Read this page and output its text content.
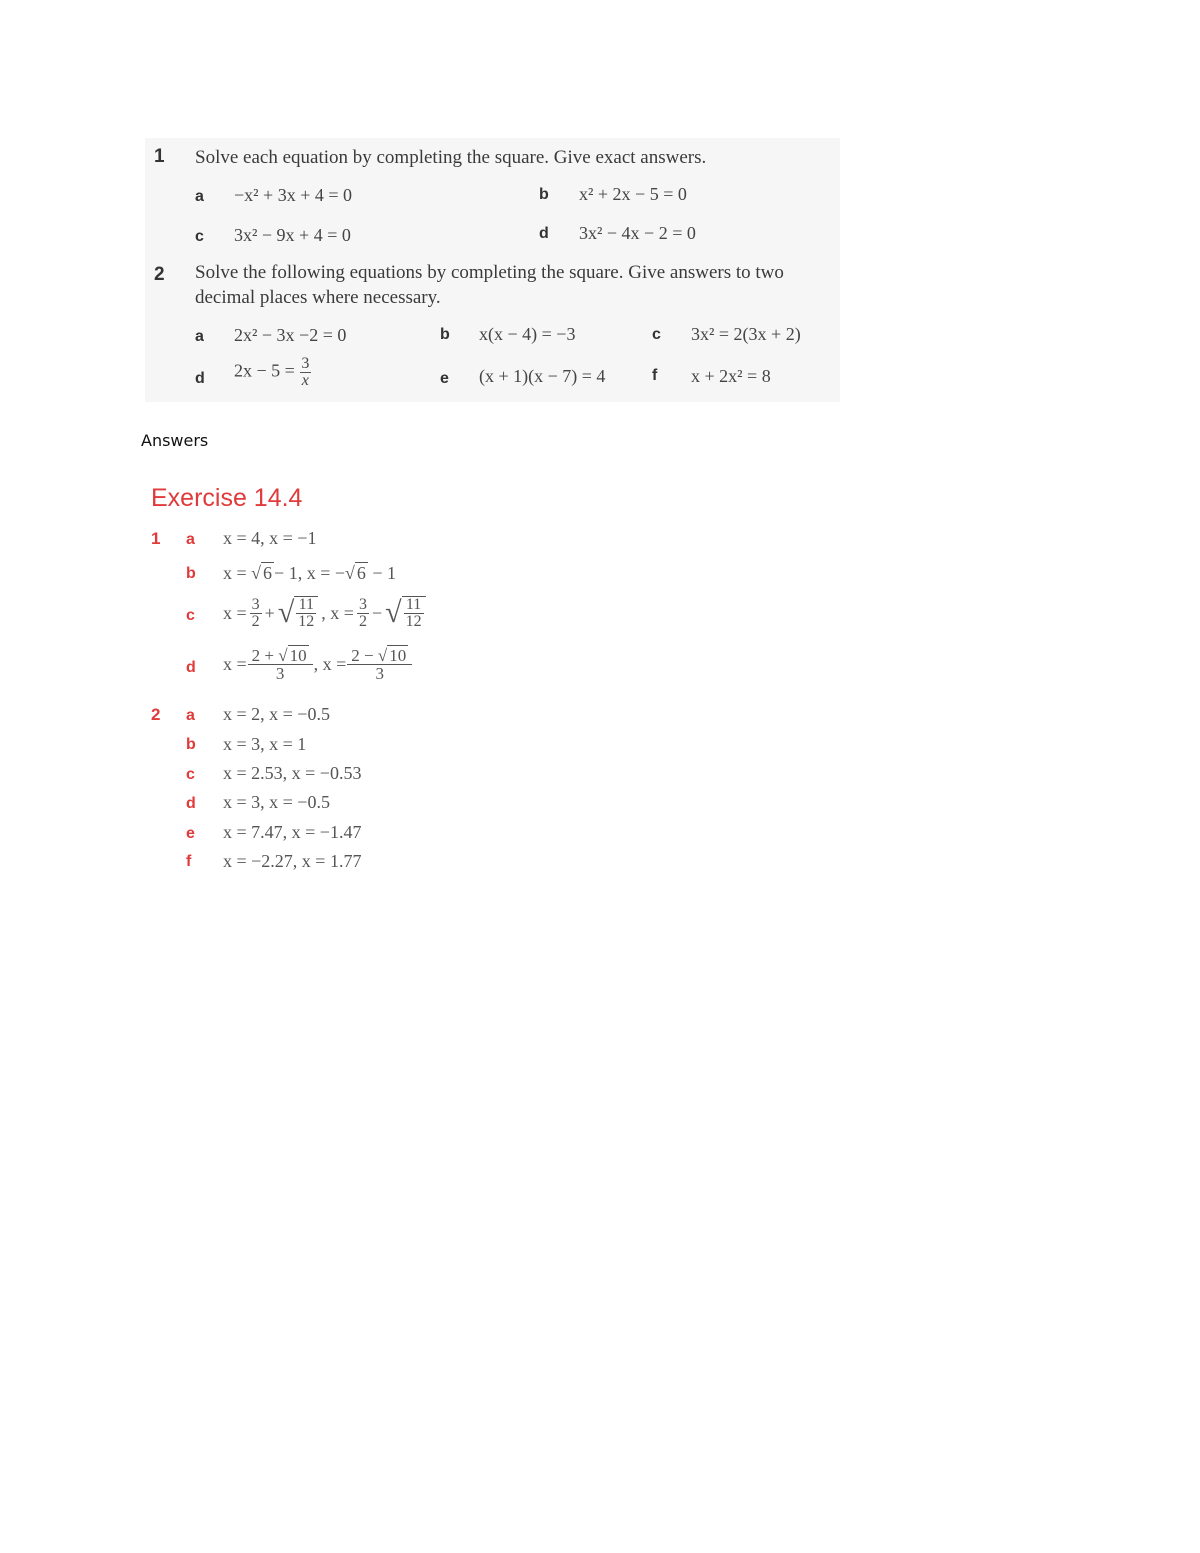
1 Solve each equation by completing the square. Give exact answers.
a −x² + 3x + 4 = 0	b x² + 2x − 5 = 0
c 3x² − 9x + 4 = 0	d 3x² − 4x − 2 = 0
2 Solve the following equations by completing the square. Give answers to two
decimal places where necessary.
a 2x² − 3x −2 = 0	b x(x − 4) = −3	c 3x² = 2(3x + 2)
d $2x - 5 = \frac{3}{x}$	e (x + 1)(x − 7) = 4	f x + 2x² = 8
Answers
Exercise 14.4
1 a x = 4, x = −1
b x = √ 6 − 1, x = −√ 6 − 1
c $x = \frac{3}{2}$ + √ $\frac{11}{12}$ , $x = \frac{3}{2}$ − √ $\frac{11}{12}$
d $x = \frac{2 + √ 10}{3}$ , $x = \frac{2 - √ 10}{3}$
2 a x = 2, x = −0.5
b x = 3, x = 1
c x = 2.53, x = −0.53
d x = 3, x = −0.5
e x = 7.47, x = −1.47
f x = −2.27, x = 1.77
